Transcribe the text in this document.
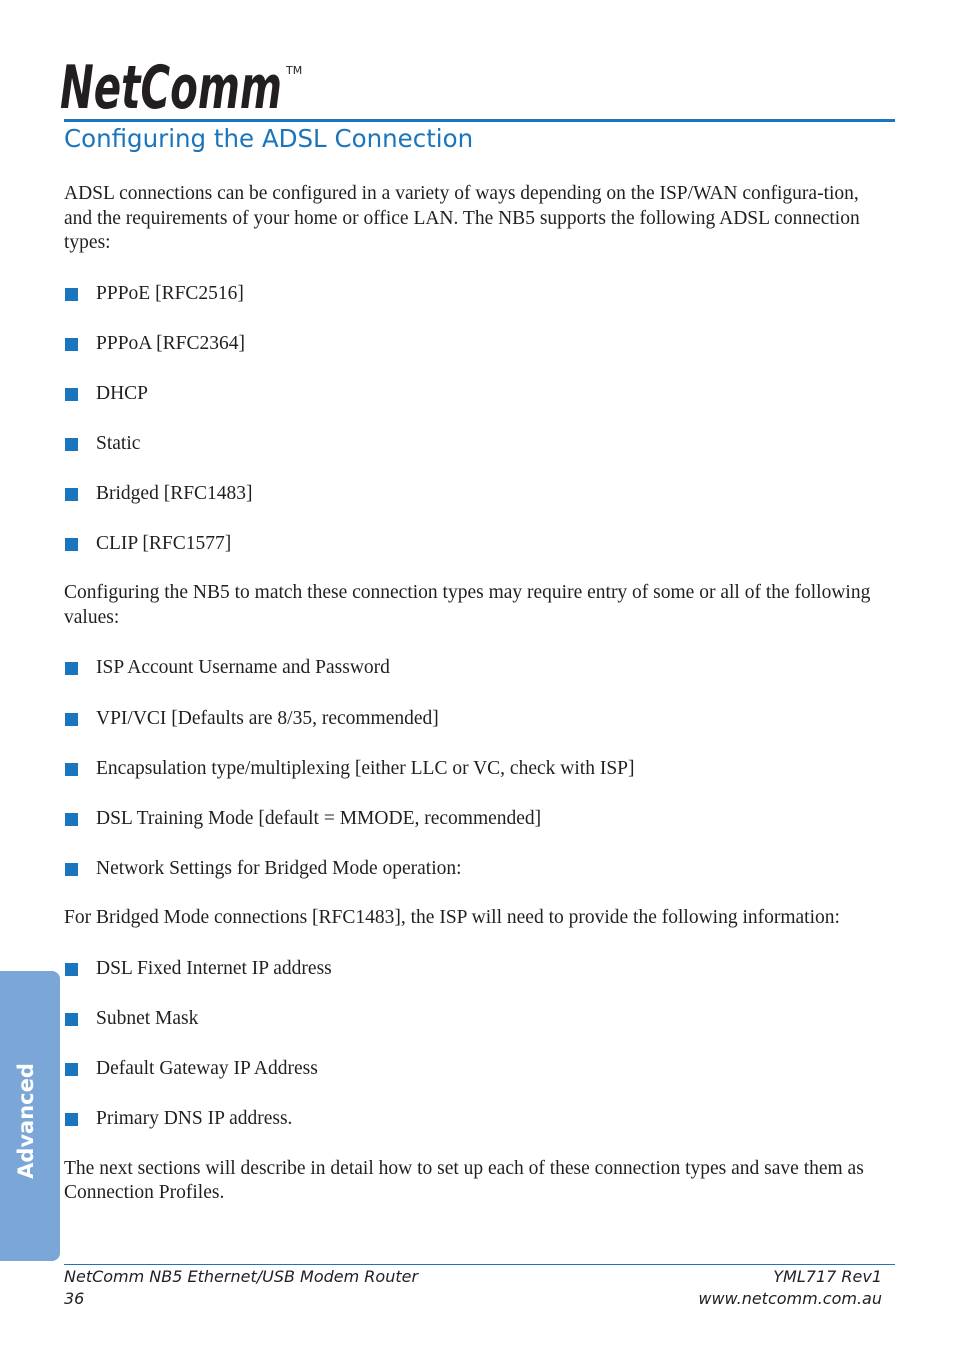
NetComm TM
Configuring the ADSL Connection

ADSL connections can be configured in a variety of ways depending on the ISP/WAN configura-tion, and the requirements of your home or office LAN. The NB5 supports the following ADSL connection types:

PPPoE [RFC2516]
PPPoA [RFC2364]
DHCP
Static
Bridged [RFC1483]
CLIP [RFC1577]

Configuring the NB5 to match these connection types may require entry of some or all of the following values:

ISP Account Username and Password
VPI/VCI [Defaults are 8/35, recommended]
Encapsulation type/multiplexing [either LLC or VC, check with ISP]
DSL Training Mode [default = MMODE, recommended]
Network Settings for Bridged Mode operation:

For Bridged Mode connections [RFC1483], the ISP will need to provide the following information:

DSL Fixed Internet IP address
Subnet Mask
Default Gateway IP Address
Primary DNS IP address.

The next sections will describe in detail how to set up each of these connection types and save them as Connection Profiles.

Advanced
NetComm NB5 Ethernet/USB Modem Router
36
YML717 Rev1
www.netcomm.com.au
